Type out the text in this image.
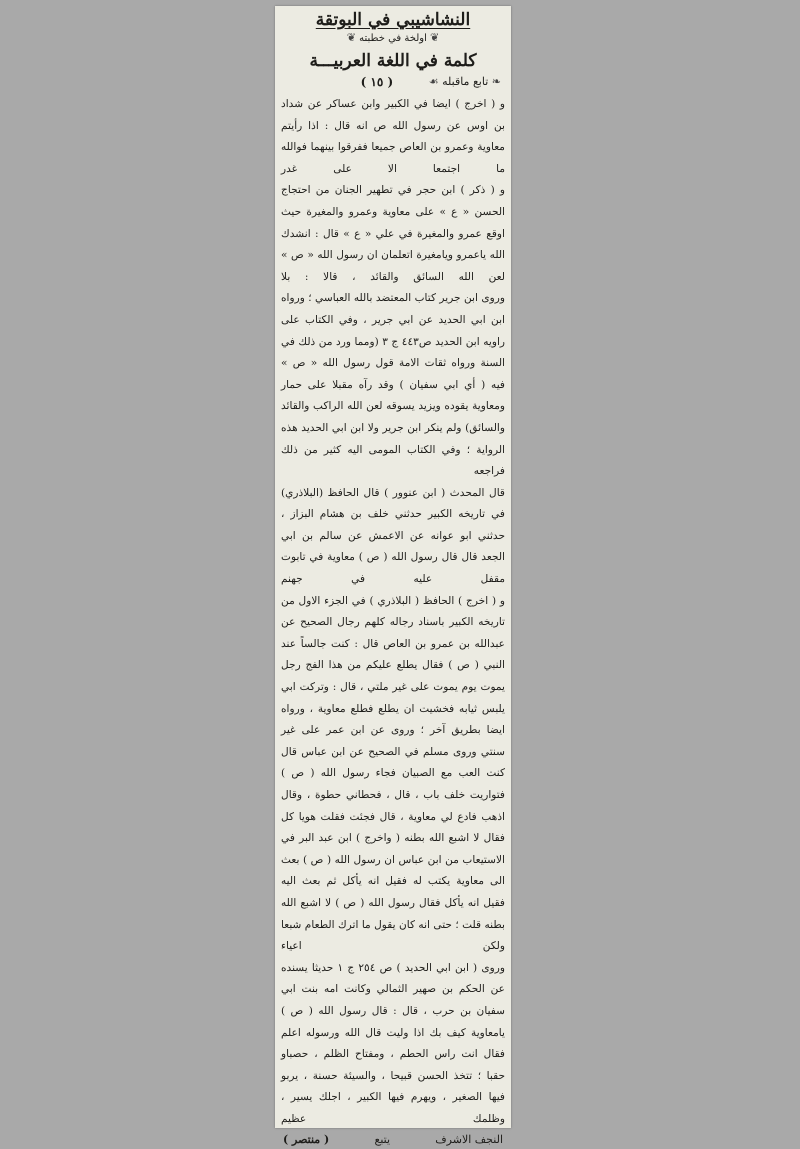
النشاشيبي في البوتقة
❦ اولخة في خطبته ❦
كلمة في اللغة العربيـــة
❧ تابع ماقبله ☙
( ١٥ )

و ( اخرج ) ايضا في الكبير وابن عساكر عن شداد بن اوس عن رسول الله ص انه قال : اذا رأيتم معاوية وعمرو بن العاص جميعا ففرقوا بينهما فوالله ما اجتمعا الا على غدر

و ( ذكر ) ابن حجر في تطهير الجنان من احتجاج الحسن « ع » على معاوية وعمرو والمغيرة حيث اوقع عمرو والمغيرة في علي « ع » قال : انشدك الله ياعمرو ويامغيرة اتعلمان ان رسول الله « ص » لعن الله السائق والقائد ، قالا : بلا

وروى ابن جرير كتاب المعتضد بالله العباسي ؛ ورواه ابن ابي الحديد عن ابي جرير ، وفي الكتاب على راويه ابن الحديد ص٤٤٣ ج ٣ (ومما ورد من ذلك في السنة ورواه ثقات الامة قول رسول الله « ص » فيه ( أي ابي سفيان ) وقد رآه مقبلا على حمار ومعاوية يقوده ويزيد يسوقه لعن الله الراكب والقائد والسائق) ولم ينكر ابن جرير ولا ابن ابي الحديد هذه الرواية ؛ وفي الكتاب المومى اليه كثير من ذلك فراجعه

قال المحدث ( ابن عنوور ) قال الحافظ (البلاذري) في تاريخه الكبير حدثني خلف بن هشام البزاز ، حدثني ابو عوانه عن الاعمش عن سالم بن ابي الجعد قال قال رسول الله ( ص ) معاوية في تابوت مقفل عليه في جهنم

و ( اخرج ) الحافظ ( البلاذري ) في الجزء الاول من تاريخه الكبير باسناد رجاله كلهم رجال الصحيح عن عبدالله بن عمرو بن العاص قال : كنت جالساً عند النبي ( ص ) فقال يطلع عليكم من هذا الفج رجل يموت يوم يموت على غير ملتي ، قال : وتركت ابي يلبس ثيابه فخشيت ان يطلع فطلع معاوية ، ورواه ايضا بطريق آخر ؛ وروى عن ابن عمر على غير سنتي وروى مسلم في الصحيح عن ابن عباس قال كنت العب مع الصبيان فجاء رسول الله ( ص ) فتواريت خلف باب ، قال ، فحطاني حطوة ، وقال اذهب فادع لي معاوية ، قال فجئت فقلت هويا كل فقال لا اشبع الله بطنه ( واخرج ) ابن عبد البر في الاستيعاب من ابن عباس ان رسول الله ( ص ) بعث الى معاوية يكتب له فقيل انه يأكل ثم بعث اليه فقيل انه يأكل فقال رسول الله ( ص ) لا اشبع الله بطنه قلت ؛ حتى انه كان يقول ما اترك الطعام شبعا ولكن اعياء

وروى ( ابن ابي الحديد ) ص ٢٥٤ ج ١ حديثا يسنده عن الحكم بن صهير الثمالي وكانت امه بنت ابي سفيان بن حرب ، قال : قال رسول الله ( ص ) يامعاوية كيف بك اذا وليت قال الله ورسوله اعلم فقال انت راس الحطم ، ومفتاح الظلم ، حصباو حقبا ؛ تتخذ الحسن قبيحا ، والسيئة حسنة ، يربو فيها الصغير ، ويهرم فيها الكبير ، اجلك يسير ، وظلمك عظيم

النجف الاشرف
يتبع
( منتصر )
